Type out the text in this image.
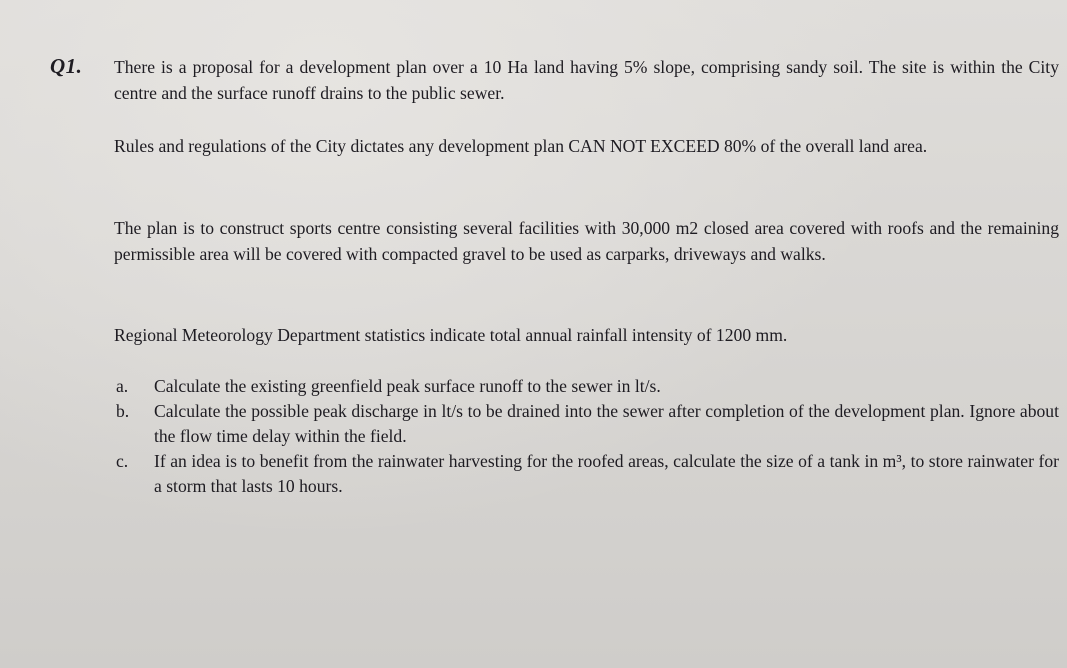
Q1. There is a proposal for a development plan over a 10 Ha land having 5% slope, comprising sandy soil. The site is within the City centre and the surface runoff drains to the public sewer.
Rules and regulations of the City dictates any development plan CAN NOT EXCEED 80% of the overall land area.
The plan is to construct sports centre consisting several facilities with 30,000 m2 closed area covered with roofs and the remaining permissible area will be covered with compacted gravel to be used as carparks, driveways and walks.
Regional Meteorology Department statistics indicate total annual rainfall intensity of 1200 mm.
a.	Calculate the existing greenfield peak surface runoff to the sewer in lt/s.
b.	Calculate the possible peak discharge in lt/s to be drained into the sewer after completion of the development plan. Ignore about the flow time delay within the field.
c.	If an idea is to benefit from the rainwater harvesting for the roofed areas, calculate the size of a tank in m³, to store rainwater for a storm that lasts 10 hours.
